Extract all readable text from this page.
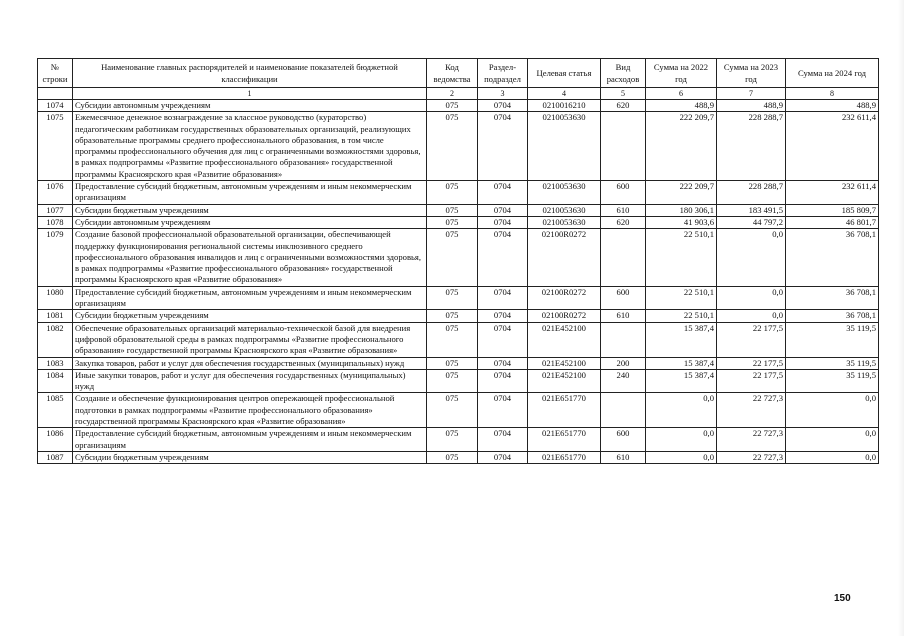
№ строки	Наименование главных распорядителей и наименование показателей бюджетной классификации	Код ведомства	Раздел-подраздел	Целевая статья	Вид расходов	Сумма на 2022 год	Сумма на 2023 год	Сумма на 2024 год
	1	2	3	4	5	6	7	8
1074	Субсидии автономным учреждениям	075	0704	0210016210	620	488,9	488,9	488,9
1075	Ежемесячное денежное вознаграждение за классное руководство (кураторство) педагогическим работникам государственных образовательных организаций, реализующих образовательные программы среднего профессионального образования, в том числе программы профессионального обучения для лиц с ограниченными возможностями здоровья, в рамках подпрограммы «Развитие профессионального образования» государственной программы Красноярского края «Развитие образования»	075	0704	0210053630		222 209,7	228 288,7	232 611,4
1076	Предоставление субсидий бюджетным, автономным учреждениям и иным некоммерческим организациям	075	0704	0210053630	600	222 209,7	228 288,7	232 611,4
1077	Субсидии бюджетным учреждениям	075	0704	0210053630	610	180 306,1	183 491,5	185 809,7
1078	Субсидии автономным учреждениям	075	0704	0210053630	620	41 903,6	44 797,2	46 801,7
1079	Создание базовой профессиональной образовательной организации, обеспечивающей поддержку функционирования региональной системы инклюзивного среднего профессионального образования инвалидов и лиц с ограниченными возможностями здоровья, в рамках подпрограммы «Развитие профессионального образования» государственной программы Красноярского края «Развитие образования»	075	0704	02100R0272		22 510,1	0,0	36 708,1
1080	Предоставление субсидий бюджетным, автономным учреждениям и иным некоммерческим организациям	075	0704	02100R0272	600	22 510,1	0,0	36 708,1
1081	Субсидии бюджетным учреждениям	075	0704	02100R0272	610	22 510,1	0,0	36 708,1
1082	Обеспечение образовательных организаций материально-технической базой для внедрения цифровой образовательной среды в рамках подпрограммы «Развитие профессионального образования» государственной программы Красноярского края «Развитие образования»	075	0704	021E452100		15 387,4	22 177,5	35 119,5
1083	Закупка товаров, работ и услуг для обеспечения государственных (муниципальных) нужд	075	0704	021E452100	200	15 387,4	22 177,5	35 119,5
1084	Иные закупки товаров, работ и услуг для обеспечения государственных (муниципальных) нужд	075	0704	021E452100	240	15 387,4	22 177,5	35 119,5
1085	Создание и обеспечение функционирования центров опережающей профессиональной подготовки в рамках подпрограммы «Развитие профессионального образования» государственной программы Красноярского края «Развитие образования»	075	0704	021E651770		0,0	22 727,3	0,0
1086	Предоставление субсидий бюджетным, автономным учреждениям и иным некоммерческим организациям	075	0704	021E651770	600	0,0	22 727,3	0,0
1087	Субсидии бюджетным учреждениям	075	0704	021E651770	610	0,0	22 727,3	0,0
150
